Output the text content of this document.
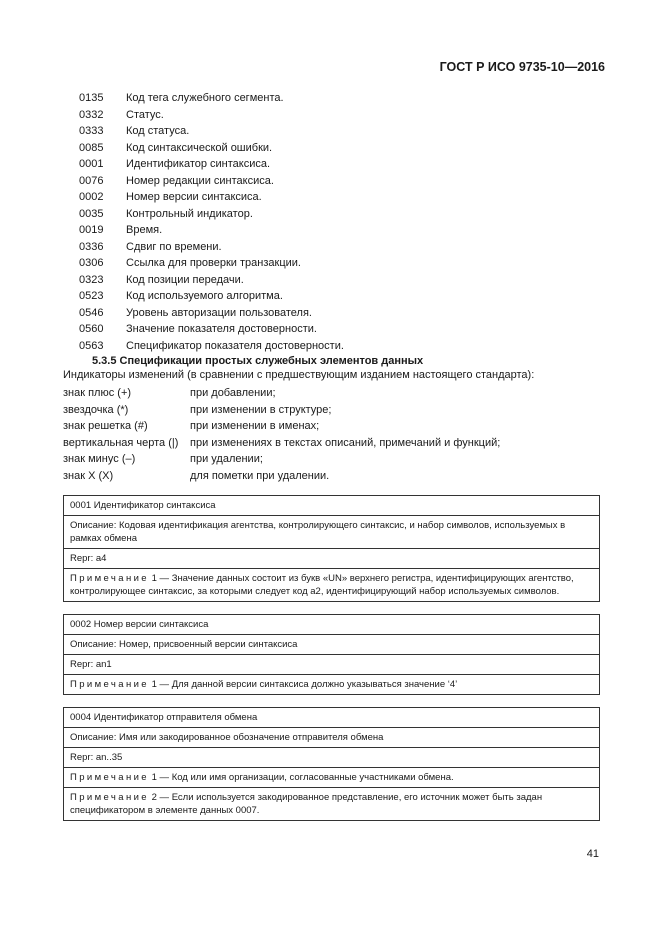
ГОСТ Р ИСО 9735-10—2016
0135 Код тега служебного сегмента.
0332 Статус.
0333 Код статуса.
0085 Код синтаксической ошибки.
0001 Идентификатор синтаксиса.
0076 Номер редакции синтаксиса.
0002 Номер версии синтаксиса.
0035 Контрольный индикатор.
0019 Время.
0336 Сдвиг по времени.
0306 Ссылка для проверки транзакции.
0323 Код позиции передачи.
0523 Код используемого алгоритма.
0546 Уровень авторизации пользователя.
0560 Значение показателя достоверности.
0563 Спецификатор показателя достоверности.
5.3.5 Спецификации простых служебных элементов данных
Индикаторы изменений (в сравнении с предшествующим изданием настоящего стандарта):
знак плюс (+)	при добавлении;
звездочка (*)	при изменении в структуре;
знак решетка (#)	при изменении в именах;
вертикальная черта (|) при изменениях в текстах описаний, примечаний и функций;
знак минус (–)	при удалении;
знак X (X)	для пометки при удалении.
0001 Идентификатор синтаксиса
Описание: Кодовая идентификация агентства, контролирующего синтаксис, и набор символов, используемых в рамках обмена
Repr: a4
Примечание 1 — Значение данных состоит из букв «UN» верхнего регистра, идентифицирующих агентство, контролирующее синтаксис, за которыми следует код a2, идентифицирующий набор используемых символов.
0002 Номер версии синтаксиса
Описание: Номер, присвоенный версии синтаксиса
Repr: an1
Примечание 1 — Для данной версии синтаксиса должно указываться значение ‘4’
0004 Идентификатор отправителя обмена
Описание: Имя или закодированное обозначение отправителя обмена
Repr: an..35
Примечание 1 — Код или имя организации, согласованные участниками обмена.
Примечание 2 — Если используется закодированное представление, его источник может быть задан спецификатором в элементе данных 0007.
41
